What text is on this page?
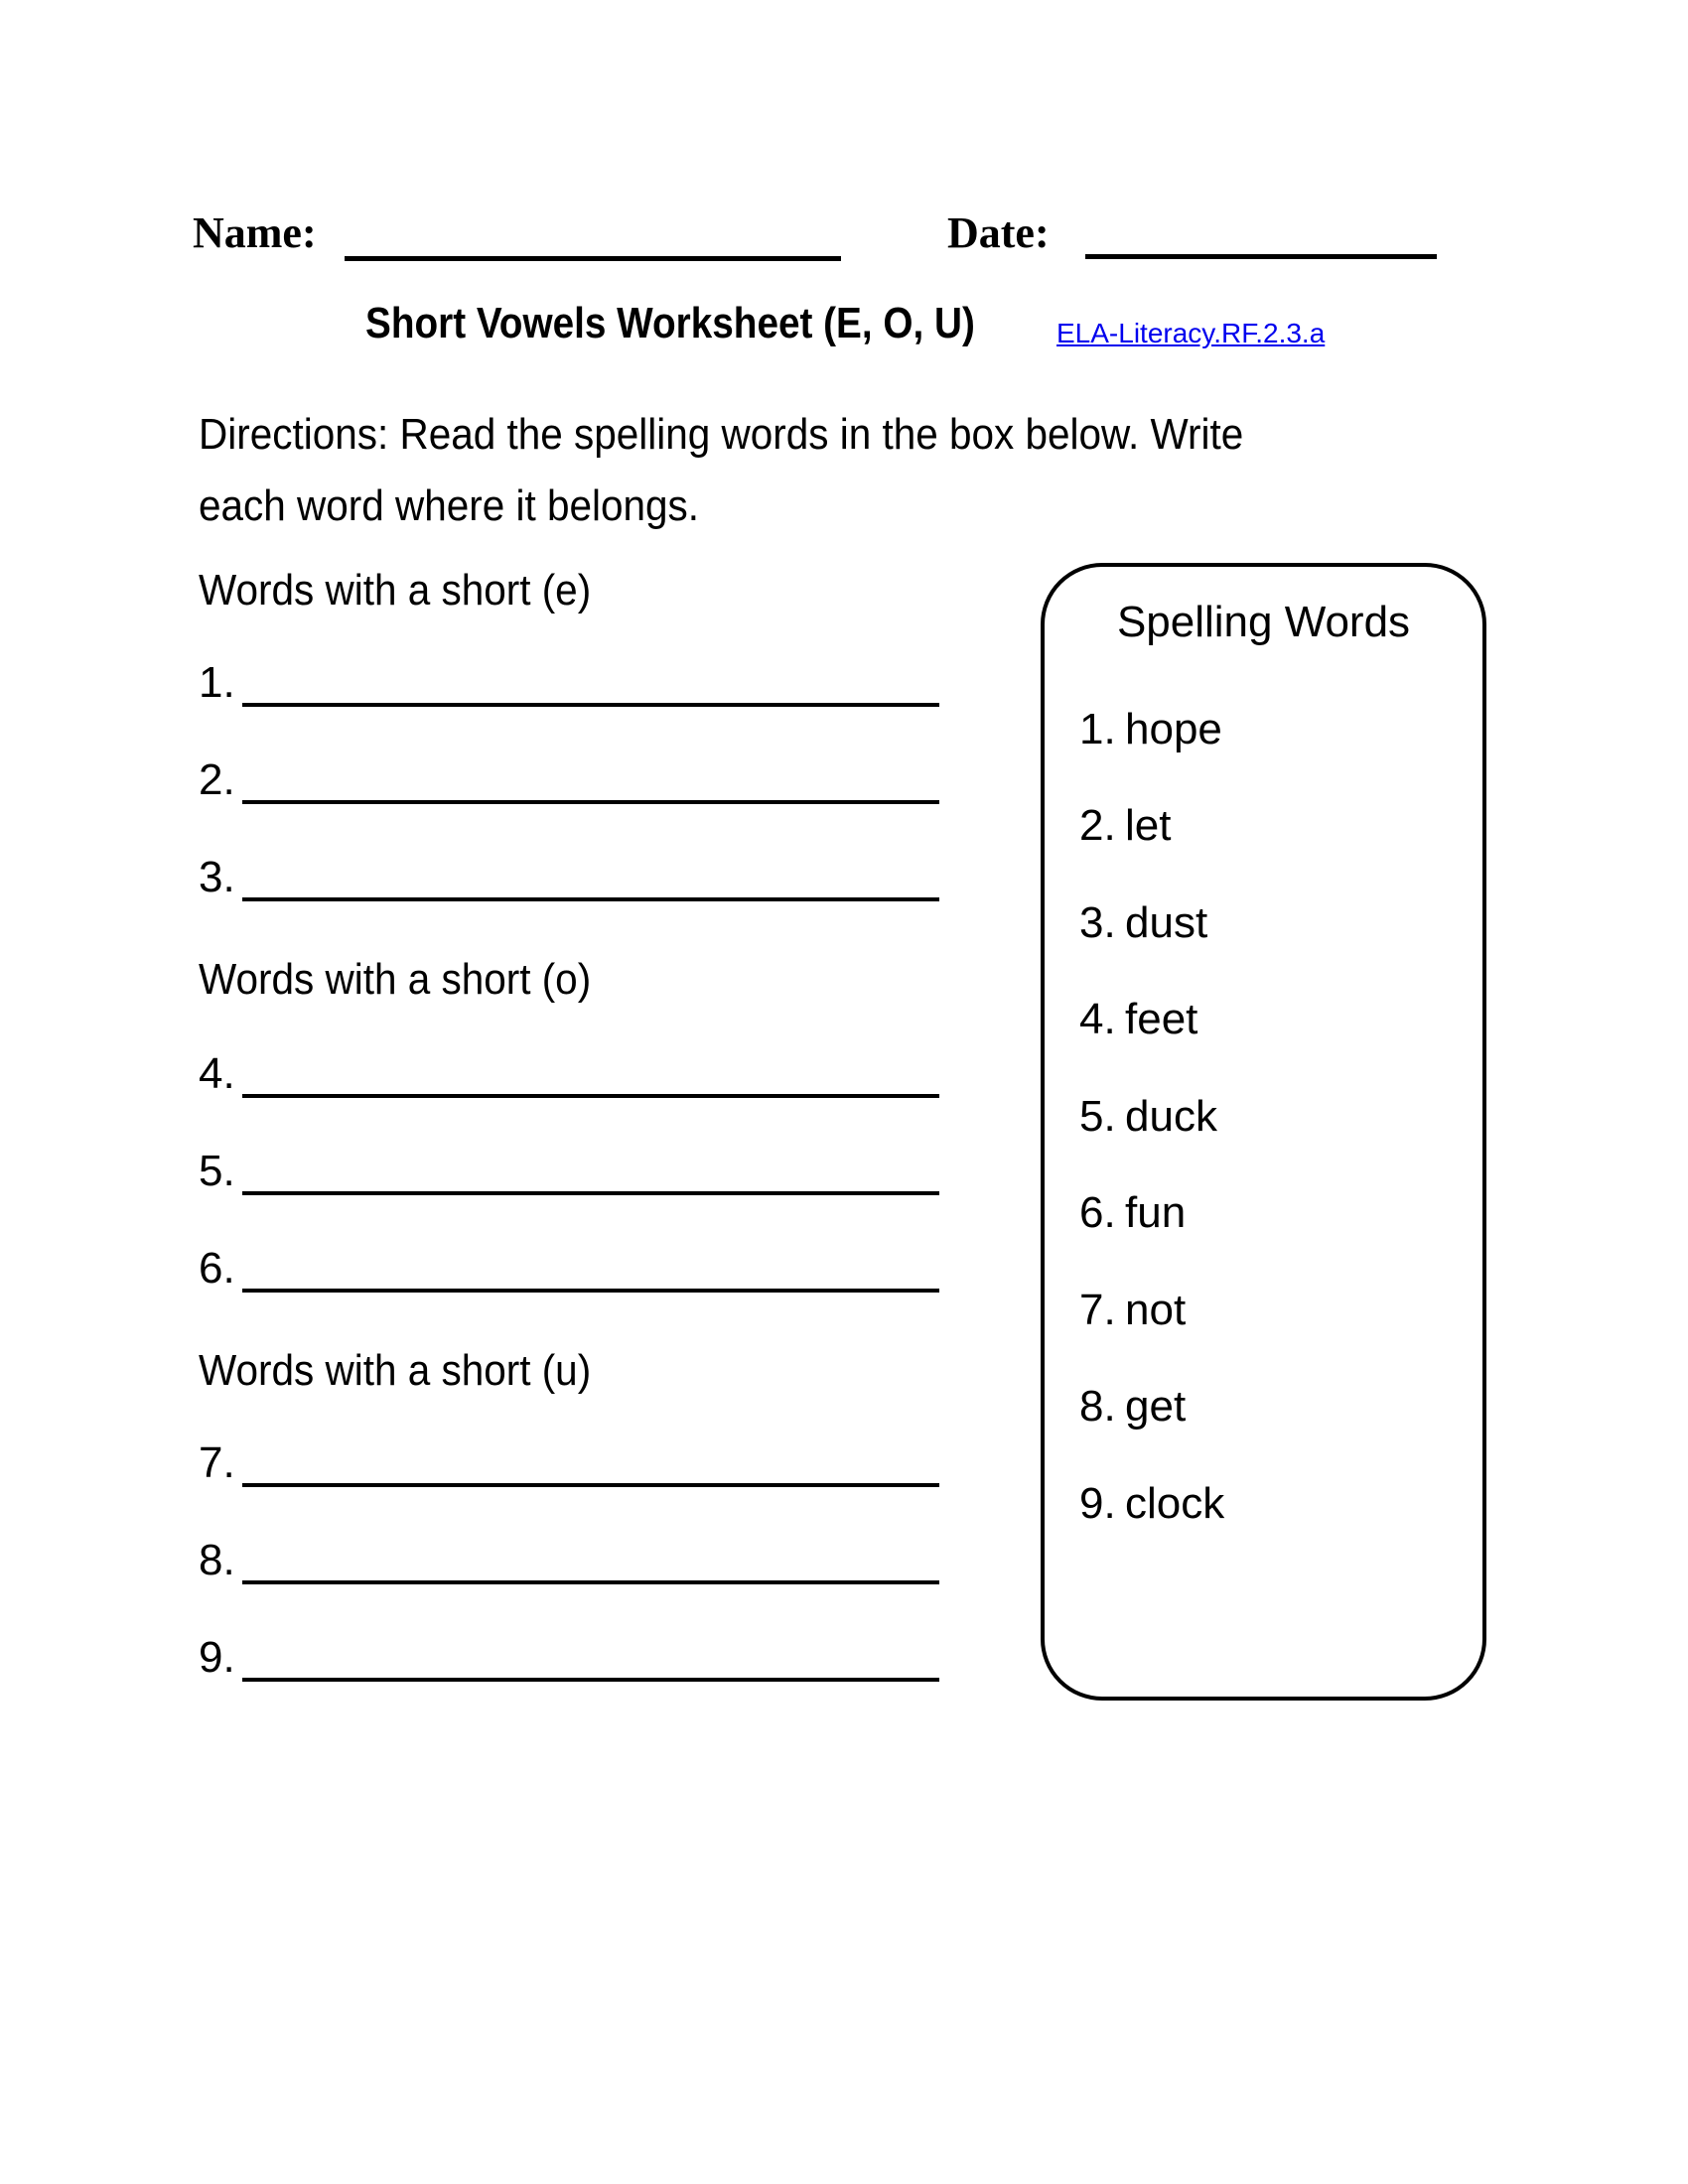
Name:	Date:
Short Vowels Worksheet (E, O, U)	ELA-Literacy.RF.2.3.a
Directions: Read the spelling words in the box below. Write
each word where it belongs.
Words with a short (e)
1.
2.
3.
Words with a short (o)
4.
5.
6.
Words with a short (u)
7.
8.
9.
Spelling Words
1. hope
2. let
3. dust
4. feet
5. duck
6. fun
7. not
8. get
9. clock
